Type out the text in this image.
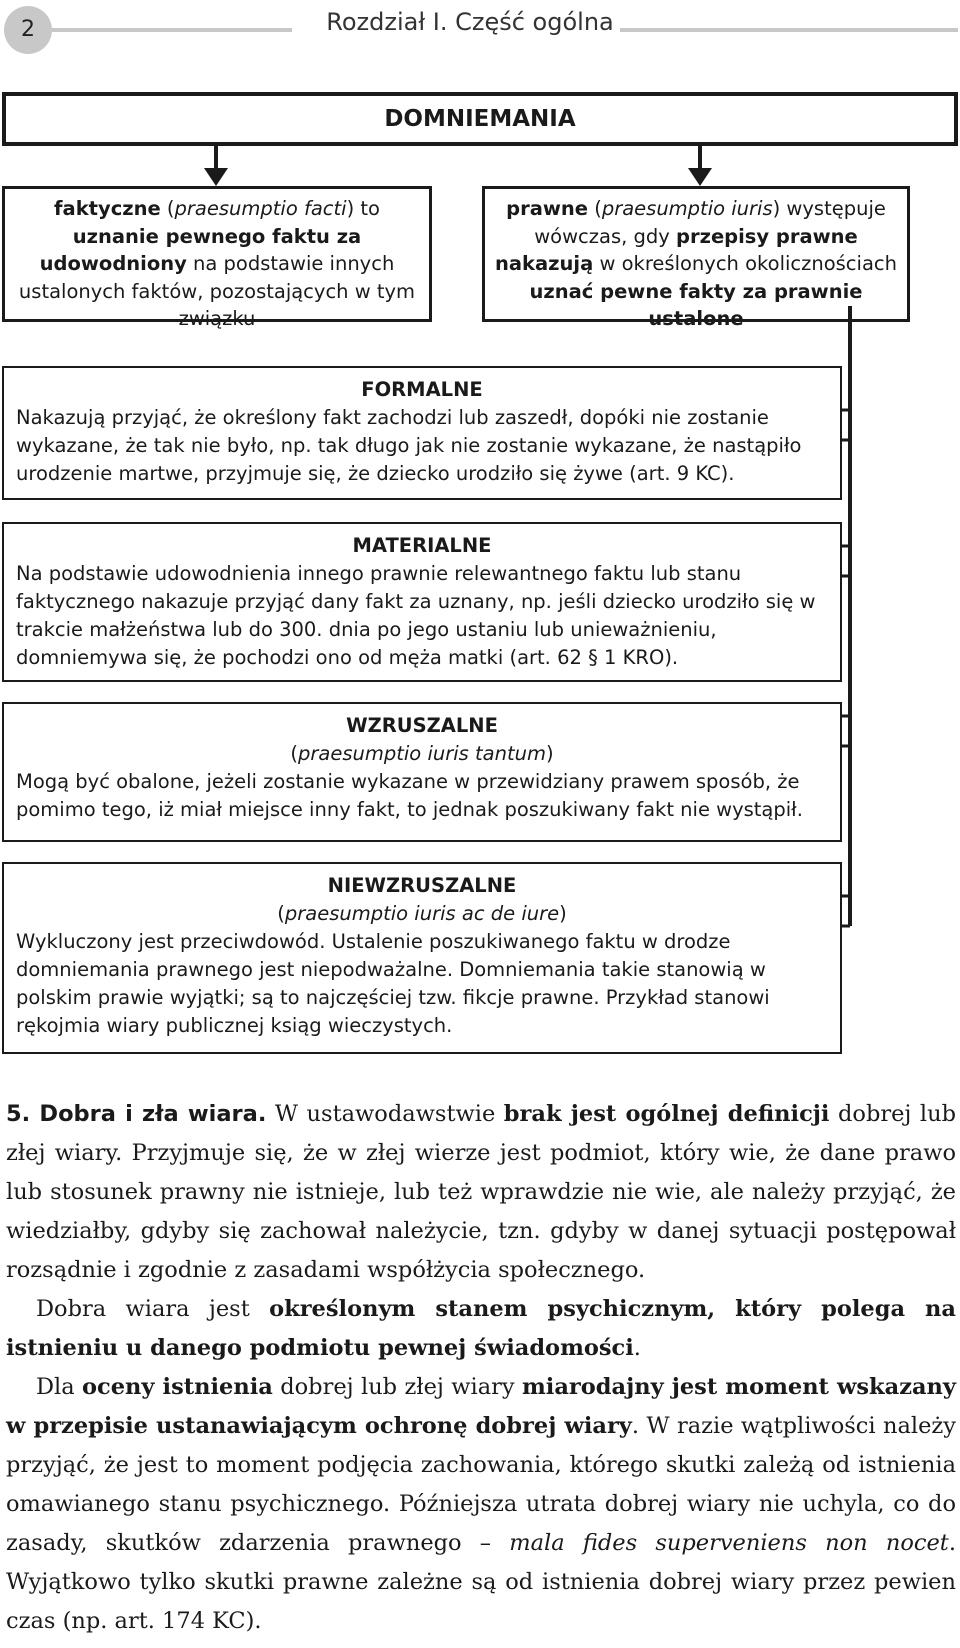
2	Rozdział I. Część ogólna
DOMNIEMANIA
faktyczne (praesumptio facti) to uznanie pewnego faktu za udowodniony na podstawie innych ustalonych faktów, pozostających w tym związku
prawne (praesumptio iuris) występuje wówczas, gdy przepisy prawne nakazują w określonych okolicznościach uznać pewne fakty za prawnie ustalone
FORMALNE
Nakazują przyjąć, że określony fakt zachodzi lub zaszedł, dopóki nie zostanie wykazane, że tak nie było, np. tak długo jak nie zostanie wykazane, że nastąpiło urodzenie martwe, przyjmuje się, że dziecko urodziło się żywe (art. 9 KC).
MATERIALNE
Na podstawie udowodnienia innego prawnie relewantnego faktu lub stanu faktycznego nakazuje przyjąć dany fakt za uznany, np. jeśli dziecko urodziło się w trakcie małżeństwa lub do 300. dnia po jego ustaniu lub unieważnieniu, domniemywa się, że pochodzi ono od męża matki (art. 62 § 1 KRO).
WZRUSZALNE
(praesumptio iuris tantum)
Mogą być obalone, jeżeli zostanie wykazane w przewidziany prawem sposób, że pomimo tego, iż miał miejsce inny fakt, to jednak poszukiwany fakt nie wystąpił.
NIEWZRUSZALNE
(praesumptio iuris ac de iure)
Wykluczony jest przeciwdowód. Ustalenie poszukiwanego faktu w drodze domniemania prawnego jest niepodważalne. Domniemania takie stanowią w polskim prawie wyjątki; są to najczęściej tzw. fikcje prawne. Przykład stanowi rękojmia wiary publicznej ksiąg wieczystych.

5. Dobra i zła wiara. W ustawodawstwie brak jest ogólnej definicji dobrej lub złej wiary. Przyjmuje się, że w złej wierze jest podmiot, który wie, że dane prawo lub stosunek prawny nie istnieje, lub też wprawdzie nie wie, ale należy przyjąć, że wiedziałby, gdyby się zachował należycie, tzn. gdyby w danej sytuacji postępował rozsądnie i zgodnie z zasadami współżycia społecznego.

Dobra wiara jest określonym stanem psychicznym, który polega na istnieniu u danego podmiotu pewnej świadomości.

Dla oceny istnienia dobrej lub złej wiary miarodajny jest moment wskazany w przepisie ustanawiającym ochronę dobrej wiary. W razie wątpliwości należy przyjąć, że jest to moment podjęcia zachowania, którego skutki zależą od istnienia omawianego stanu psychicznego. Późniejsza utrata dobrej wiary nie uchyla, co do zasady, skutków zdarzenia prawnego – mala fides superveniens non nocet. Wyjątkowo tylko skutki prawne zależne są od istnienia dobrej wiary przez pewien czas (np. art. 174 KC).
